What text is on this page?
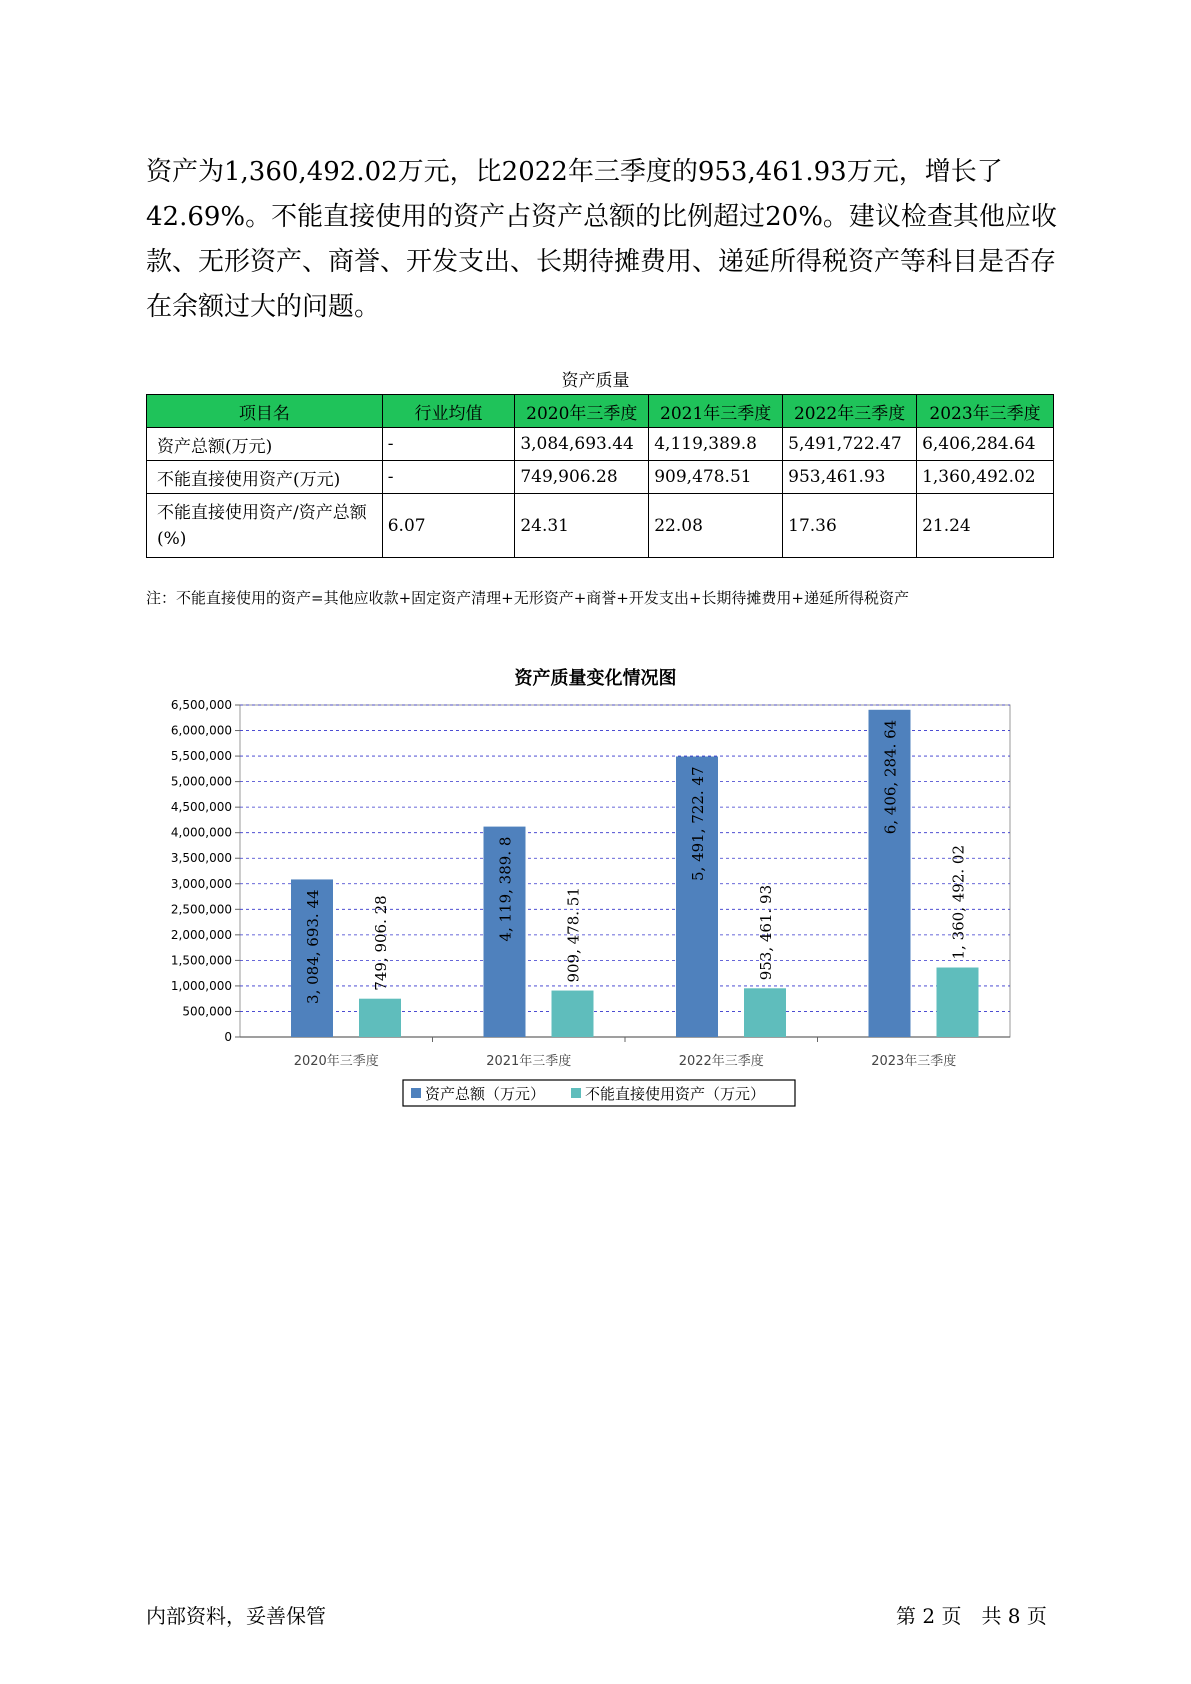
资产为1,360,492.02万元，比2022年三季度的953,461.93万元，增长了42.69%。不能直接使用的资产占资产总额的比例超过20%。建议检查其他应收款、无形资产、商誉、开发支出、长期待摊费用、递延所得税资产等科目是否存在余额过大的问题。

资产质量
项目名	行业均值	2020年三季度	2021年三季度	2022年三季度	2023年三季度
资产总额(万元)	-	3,084,693.44	4,119,389.8	5,491,722.47	6,406,284.64
不能直接使用资产(万元)	-	749,906.28	909,478.51	953,461.93	1,360,492.02
不能直接使用资产/资产总额(%)	6.07	24.31	22.08	17.36	21.24
注：不能直接使用的资产=其他应收款+固定资产清理+无形资产+商誉+开发支出+长期待摊费用+递延所得税资产
资产质量变化情况图
0
500,000
1,000,000
1,500,000
2,000,000
2,500,000
3,000,000
3,500,000
4,000,000
4,500,000
5,000,000
5,500,000
6,000,000
6,500,000
2020年三季度
3, 084, 693. 44	749, 906. 28
2021年三季度
4, 119, 389. 8	909, 478. 51
2022年三季度
5, 491, 722. 47
953, 461. 93
2023年三季度
6, 406, 284. 64
1, 360, 492. 02
资产总额（万元）	不能直接使用资产（万元）
内部资料，妥善保管	第 2 页　共 8 页
